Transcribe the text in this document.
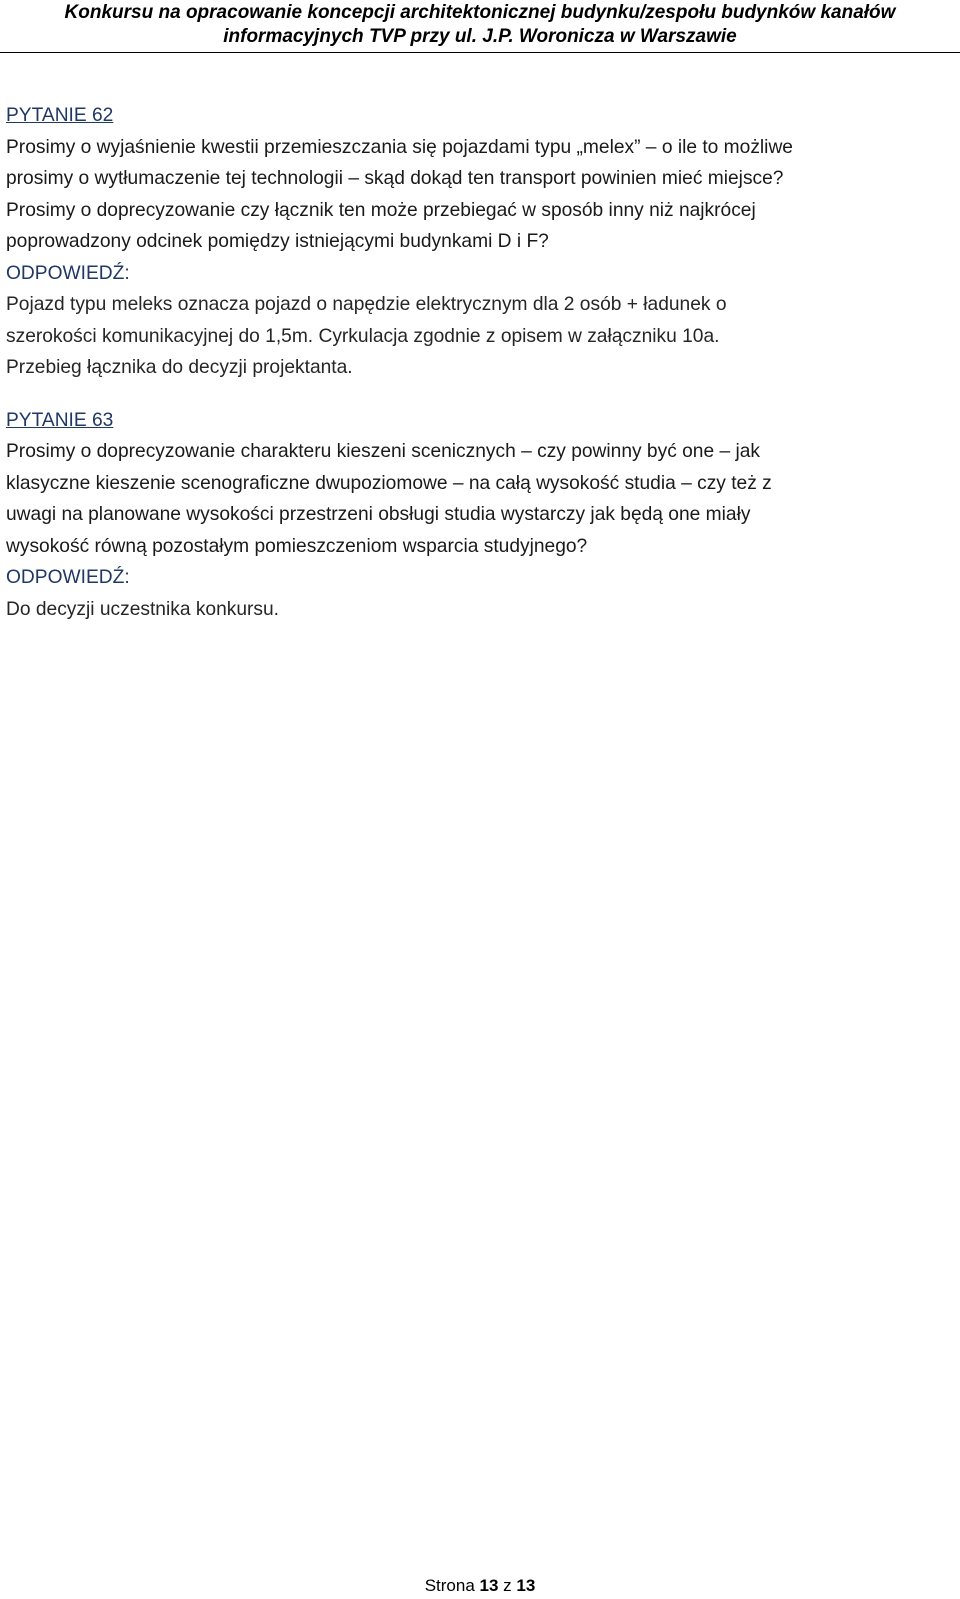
Konkursu na opracowanie koncepcji architektonicznej budynku/zespołu budynków kanałów
informacyjnych TVP przy ul. J.P. Woronicza w Warszawie

PYTANIE 62

Prosimy o wyjaśnienie kwestii przemieszczania się pojazdami typu „melex” – o ile to możliwe

prosimy o wytłumaczenie tej technologii – skąd dokąd ten transport powinien mieć miejsce?

Prosimy o doprecyzowanie czy łącznik ten może przebiegać w sposób inny niż najkrócej

poprowadzony odcinek pomiędzy istniejącymi budynkami D i F?

ODPOWIEDŹ:

Pojazd typu meleks oznacza pojazd o napędzie elektrycznym dla 2 osób + ładunek o

szerokości komunikacyjnej do 1,5m. Cyrkulacja zgodnie z opisem w załączniku 10a.

Przebieg łącznika do decyzji projektanta.

PYTANIE 63

Prosimy o doprecyzowanie charakteru kieszeni scenicznych – czy powinny być one – jak

klasyczne kieszenie scenograficzne dwupoziomowe – na całą wysokość studia – czy też z

uwagi na planowane wysokości przestrzeni obsługi studia wystarczy jak będą one miały

wysokość równą pozostałym pomieszczeniom wsparcia studyjnego?

ODPOWIEDŹ:

Do decyzji uczestnika konkursu.

Strona 13 z 13
